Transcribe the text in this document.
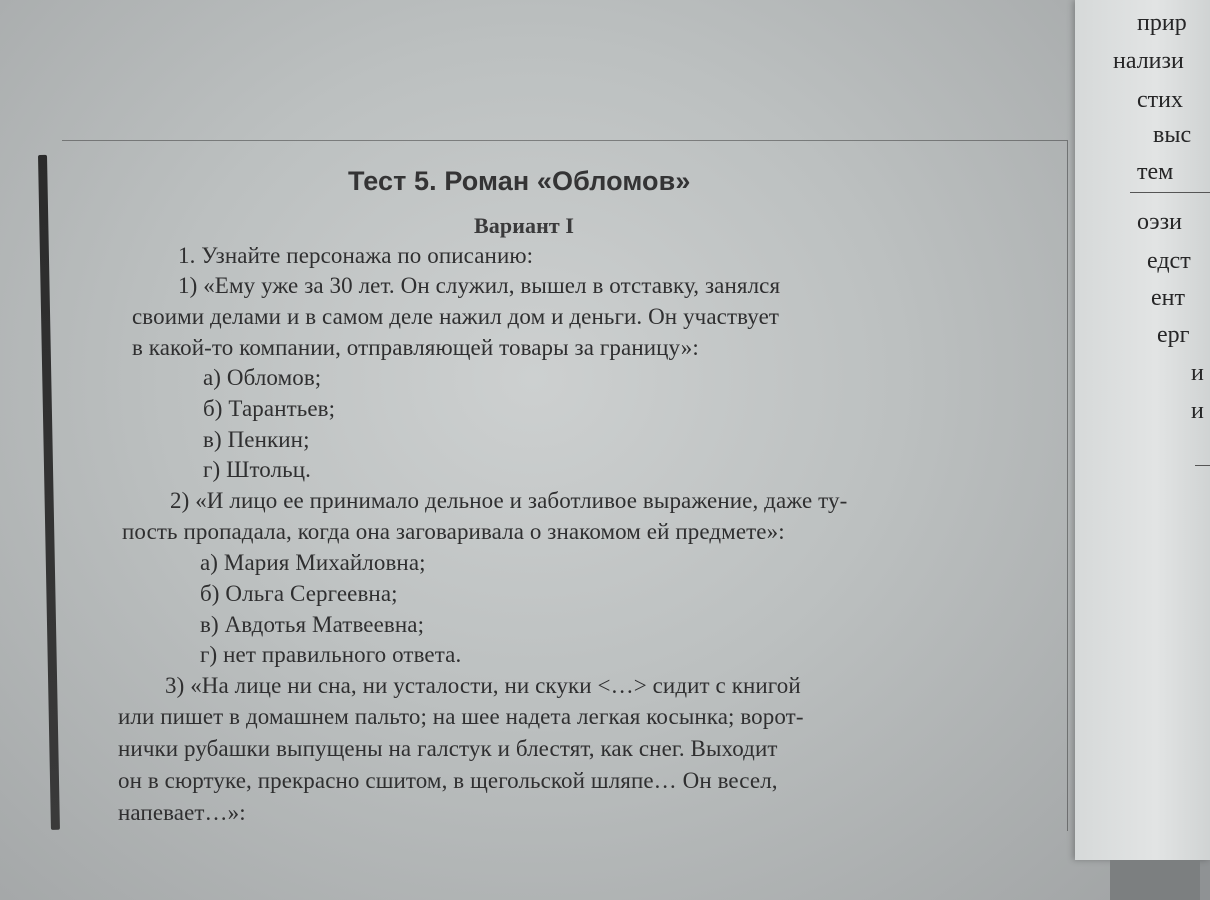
Тест 5. Роман «Обломов»
Вариант I
1. Узнайте персонажа по описанию:
1) «Ему уже за 30 лет. Он служил, вышел в отставку, занялся
своими делами и в самом деле нажил дом и деньги. Он участвует
в какой-то компании, отправляющей товары за границу»:
а) Обломов;
б) Тарантьев;
в) Пенкин;
г) Штольц.
2) «И лицо ее принимало дельное и заботливое выражение, даже ту-
пость пропадала, когда она заговаривала о знакомом ей предмете»:
а) Мария Михайловна;
б) Ольга Сергеевна;
в) Авдотья Матвеевна;
г) нет правильного ответа.
3) «На лице ни сна, ни усталости, ни скуки <…> сидит с книгой
или пишет в домашнем пальто; на шее надета легкая косынка; ворот-
нички рубашки выпущены на галстук и блестят, как снег. Выходит
он в сюртуке, прекрасно сшитом, в щегольской шляпе… Он весел,
напевает…»:
прир
нализи
стих
выс
тем
оэзи
едст
ент
ерг
и
и
